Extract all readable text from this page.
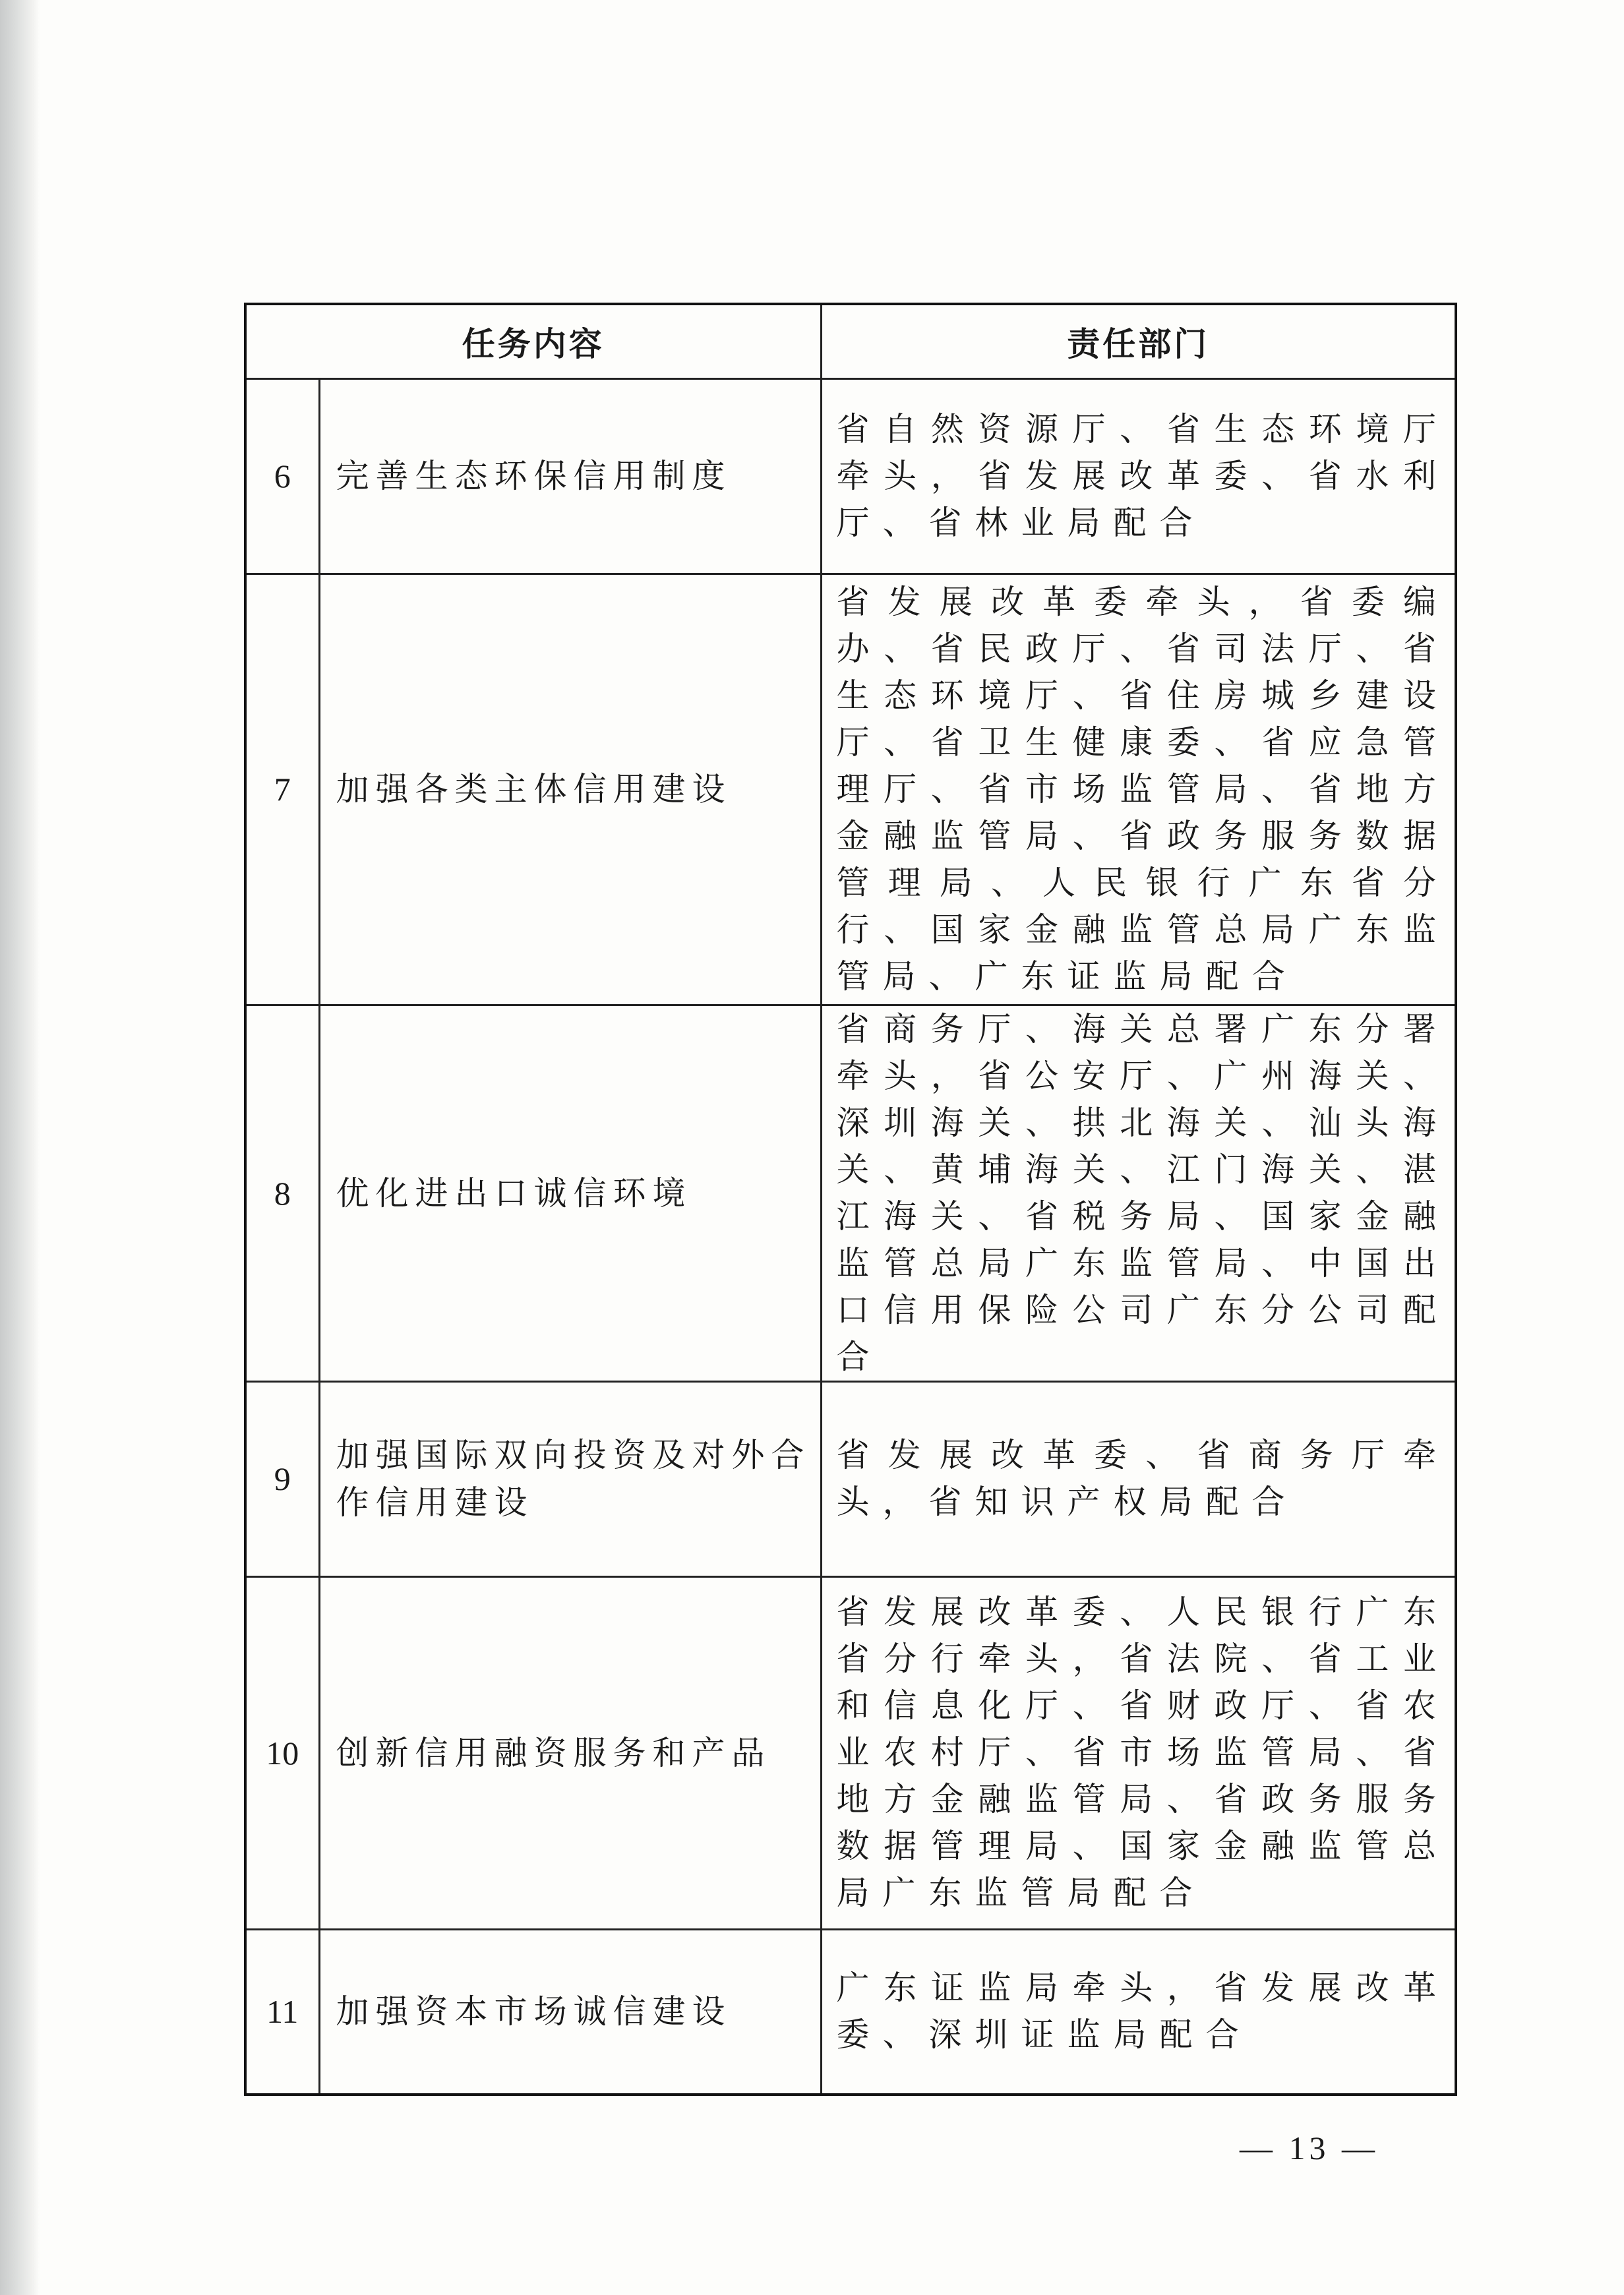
任务内容		责任部门
6	完善生态环保信用制度	省自然资源厅、省生态环境厅牵头，省发展改革委、省水利厅、省林业局配合
7	加强各类主体信用建设	省发展改革委牵头，省委编办、省民政厅、省司法厅、省生态环境厅、省住房城乡建设厅、省卫生健康委、省应急管理厅、省市场监管局、省地方金融监管局、省政务服务数据管理局、人民银行广东省分行、国家金融监管总局广东监管局、广东证监局配合
8	优化进出口诚信环境	省商务厅、海关总署广东分署牵头，省公安厅、广州海关、深圳海关、拱北海关、汕头海关、黄埔海关、江门海关、湛江海关、省税务局、国家金融监管总局广东监管局、中国出口信用保险公司广东分公司配合
9	加强国际双向投资及对外合作信用建设	省发展改革委、省商务厅牵头，省知识产权局配合
10	创新信用融资服务和产品	省发展改革委、人民银行广东省分行牵头，省法院、省工业和信息化厅、省财政厅、省农业农村厅、省市场监管局、省地方金融监管局、省政务服务数据管理局、国家金融监管总局广东监管局配合
11	加强资本市场诚信建设	广东证监局牵头，省发展改革委、深圳证监局配合
— 13 —
